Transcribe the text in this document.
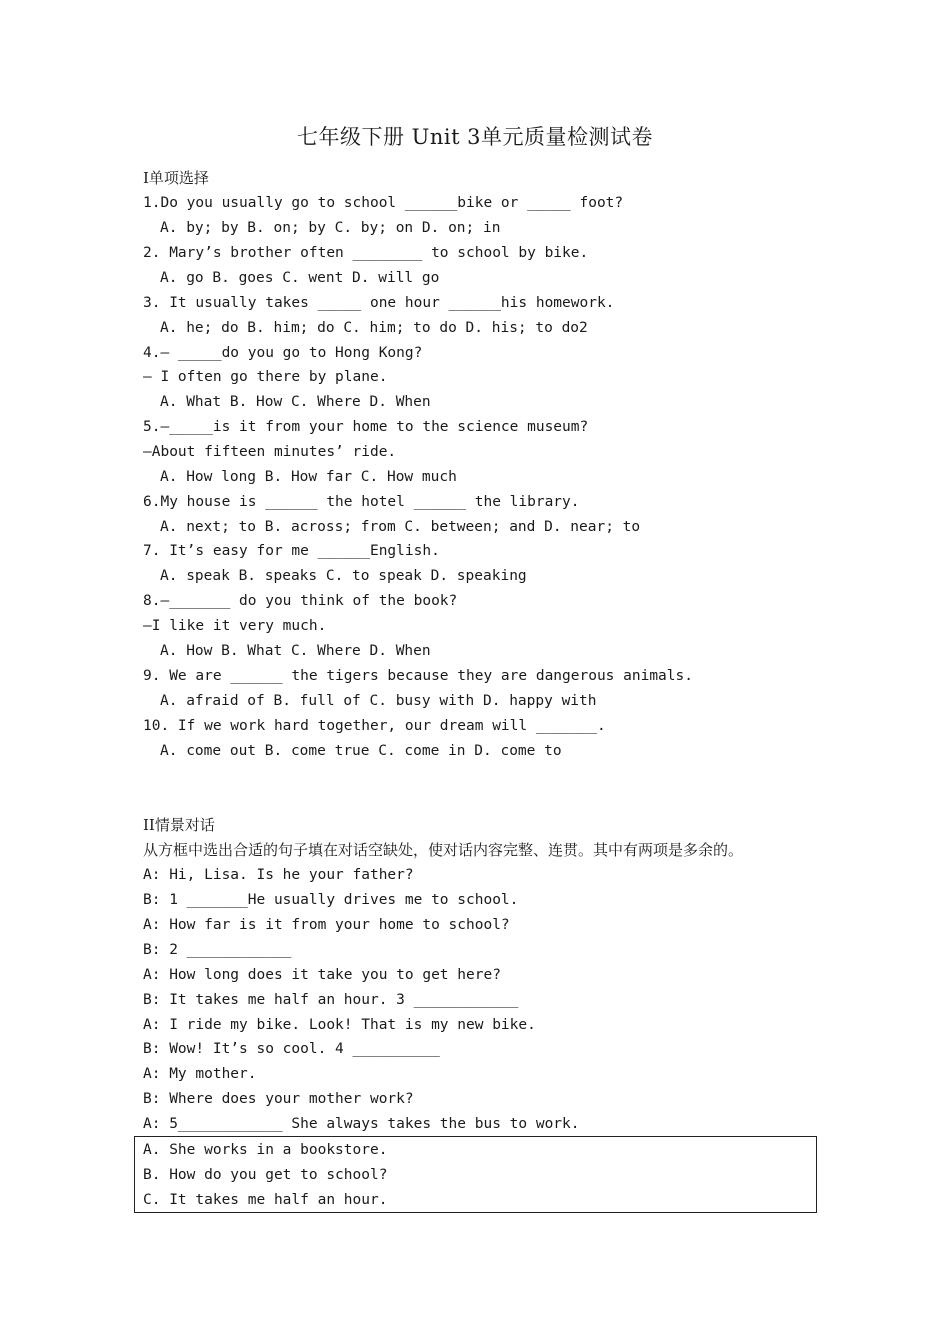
七年级下册 Unit 3单元质量检测试卷
I单项选择
1.Do you usually go to school ______bike or _____ foot?
A. by; by B. on; by C. by; on D. on; in
2. Mary’s brother often ________ to school by bike.
A. go B. goes C. went D. will go
3. It usually takes _____ one hour ______his homework.
A. he; do B. him; do C. him; to do D. his; to do2
4.— _____do you go to Hong Kong?
— I often go there by plane.
A. What B. How C. Where D. When
5.—_____is it from your home to the science museum?
—About fifteen minutes’ ride.
A. How long B. How far C. How much
6.My house is ______ the hotel ______ the library.
A. next; to B. across; from C. between; and D. near; to
7. It’s easy for me ______English.
A. speak B. speaks C. to speak D. speaking
8.—_______ do you think of the book?
—I like it very much.
A. How B. What C. Where D. When
9. We are ______ the tigers because they are dangerous animals.
A. afraid of B. full of C. busy with D. happy with
10. If we work hard together, our dream will _______.
A. come out B. come true C. come in D. come to
II情景对话
从方框中选出合适的句子填在对话空缺处，使对话内容完整、连贯。其中有两项是多余的。
A: Hi, Lisa. Is he your father?
B: 1 _______He usually drives me to school.
A: How far is it from your home to school?
B: 2 ____________
A: How long does it take you to get here?
B: It takes me half an hour. 3 ____________
A: I ride my bike. Look! That is my new bike.
B: Wow! It’s so cool. 4 __________
A: My mother.
B: Where does your mother work?
A: 5____________ She always takes the bus to work.
A. She works in a bookstore.
B. How do you get to school?
C. It takes me half an hour.
